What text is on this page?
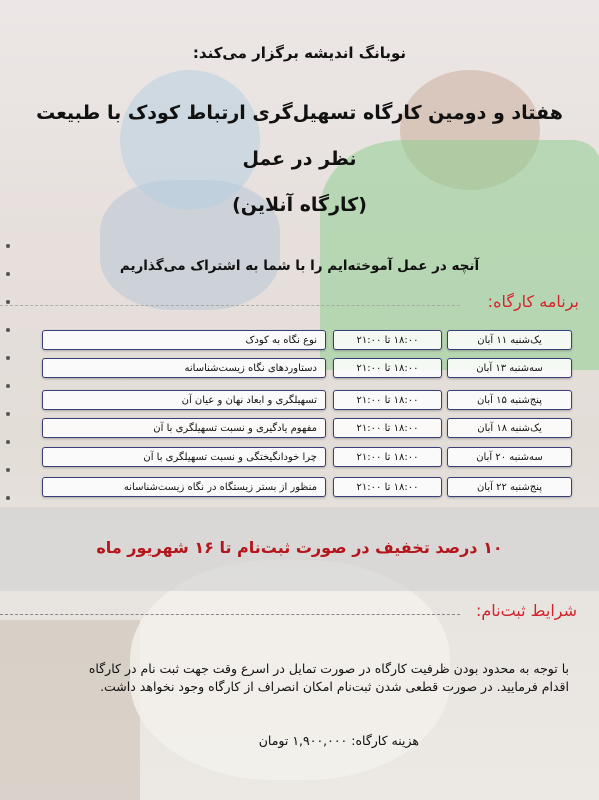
نوبانگ اندیشه برگزار می‌کند:
هفتاد و دومین کارگاه تسهیل‌گری ارتباط کودک با طبیعت
نظر در عمل
(کارگاه آنلاین)
آنچه در عمل آموخته‌ایم را با شما به اشتراک می‌گذاریم
برنامه کارگاه:
یک‌شنبه ۱۱ آبان
۱۸:۰۰ تا ۲۱:۰۰
نوع نگاه به کودک
سه‌شنبه ۱۳ آبان
۱۸:۰۰ تا ۲۱:۰۰
دستاوردهای نگاه زیست‌شناسانه
پنج‌شنبه ۱۵ آبان
۱۸:۰۰ تا ۲۱:۰۰
تسهیلگری و ابعاد نهان و عیان آن
یک‌شنبه ۱۸ آبان
۱۸:۰۰ تا ۲۱:۰۰
مفهوم یادگیری و نسبت تسهیلگری با آن
سه‌شنبه ۲۰ آبان
۱۸:۰۰ تا ۲۱:۰۰
چرا خودانگیختگی و نسبت تسهیلگری با آن
پنج‌شنبه ۲۲ آبان
۱۸:۰۰ تا ۲۱:۰۰
منظور از بستر زیستگاه در نگاه زیست‌شناسانه
۱۰ درصد تخفیف در صورت ثبت‌نام تا ۱۶ شهریور ماه
شرایط ثبت‌نام:
با توجه به محدود بودن ظرفیت کارگاه در صورت تمایل در اسرع وقت جهت ثبت نام در کارگاه
اقدام فرمایید. در صورت قطعی شدن ثبت‌نام امکان انصراف از کارگاه وجود نخواهد داشت.
هزینه کارگاه: ۱,۹۰۰,۰۰۰ تومان
